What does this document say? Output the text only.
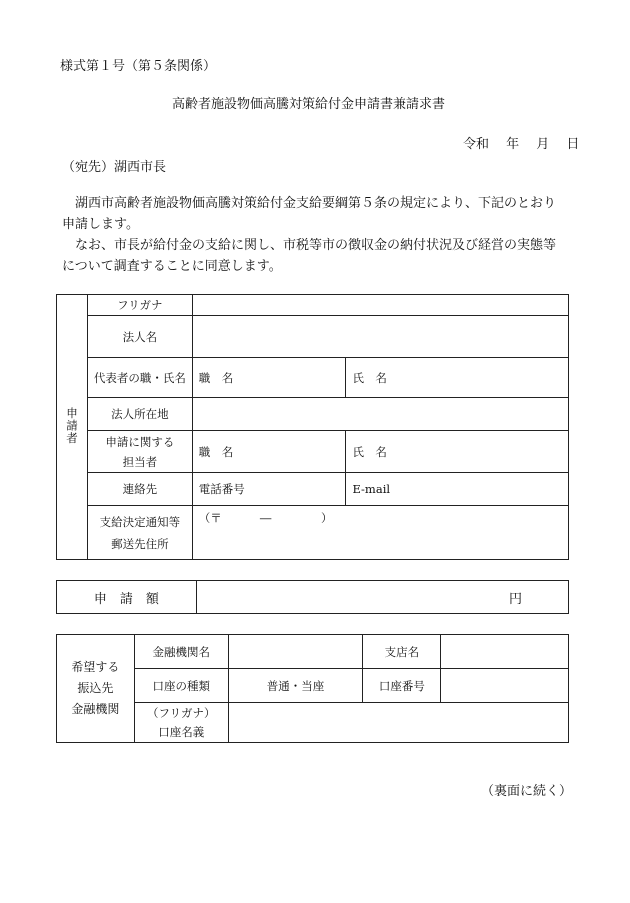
様式第１号（第５条関係）
高齢者施設物価高騰対策給付金申請書兼請求書
令和　 年　 月　 日
（宛先）湖西市長
湖西市高齢者施設物価高騰対策給付金支給要綱第５条の規定により、下記のとおり
申請します。
なお、市長が給付金の支給に関し、市税等市の徴収金の納付状況及び経営の実態等
について調査することに同意します。
申請者	フリガナ		
	法人名		
	代表者の職・氏名	職　名	氏　名
	法人所在地		

	申請に関する
担当者	職　名	氏　名
	連絡先	電話番号	E-mail

	支給決定通知等
郵送先住所	（〒　　　 ―　　　　 ）	
申　請　額	円
希望する
振込先
金融機関	金融機関名		支店名	
	口座の種類	普通・当座	口座番号	

	（フリガナ）
口座名義			

（裏面に続く）
